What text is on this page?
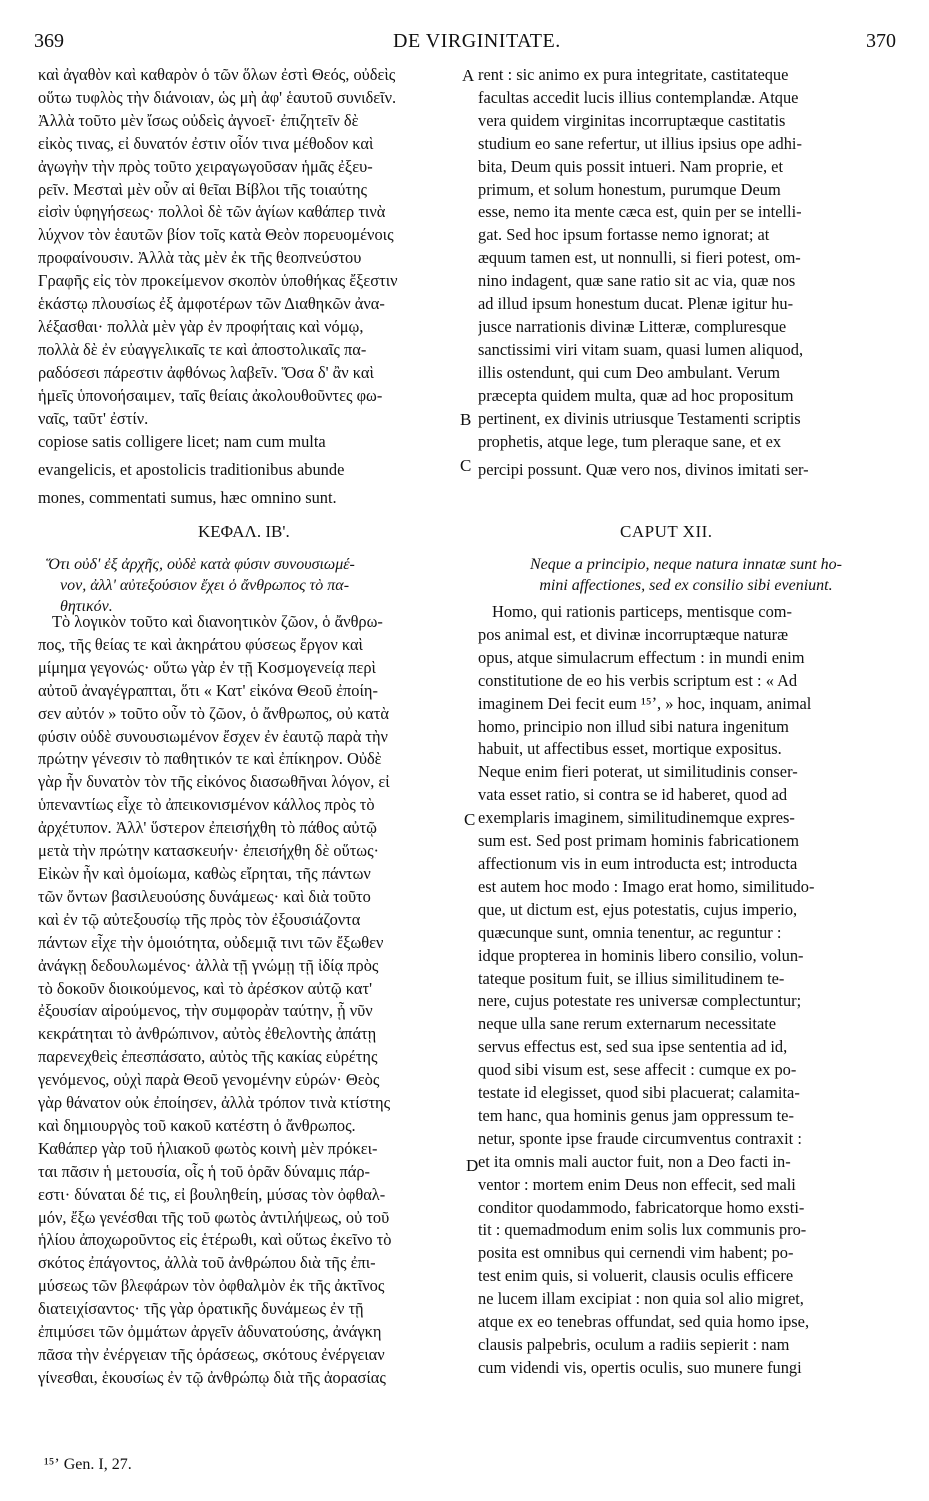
369	DE VIRGINITATE.	370
καὶ ἀγαθὸν καὶ καθαρὸν ὁ τῶν ὅλων ἐστὶ Θεός, οὐδεὶς
οὕτω τυφλὸς τὴν διάνοιαν, ὡς μὴ ἀφ' ἑαυτοῦ συνιδεῖν.
Ἀλλὰ τοῦτο μὲν ἴσως οὐδεὶς ἀγνοεῖ· ἐπιζητεῖν δὲ
εἰκὸς τινας, εἰ δυνατόν ἐστιν οἷόν τινα μέθοδον καὶ
ἀγωγὴν τὴν πρὸς τοῦτο χειραγωγοῦσαν ἡμᾶς ἐξευ-
ρεῖν. Μεσταὶ μὲν οὖν αἱ θεῖαι Βίβλοι τῆς τοιαύτης
εἰσὶν ὑφηγήσεως· πολλοὶ δὲ τῶν ἁγίων καθάπερ τινὰ
λύχνον τὸν ἑαυτῶν βίον τοῖς κατὰ Θεὸν πορευομένοις
προφαίνουσιν. Ἀλλὰ τὰς μὲν ἐκ τῆς θεοπνεύστου
Γραφῆς εἰς τὸν προκείμενον σκοπὸν ὑποθήκας ἔξεστιν
ἑκάστῳ πλουσίως ἐξ ἀμφοτέρων τῶν Διαθηκῶν ἀνα-
λέξασθαι· πολλὰ μὲν γὰρ ἐν προφήταις καὶ νόμῳ,
πολλὰ δὲ ἐν εὐαγγελικαῖς τε καὶ ἀποστολικαῖς πα-
ραδόσεσι πάρεστιν ἀφθόνως λαβεῖν. Ὅσα δ' ἂν καὶ
ἡμεῖς ὑπονοήσαιμεν, ταῖς θείαις ἀκολουθοῦντες φω-
ναῖς, ταῦτ' ἐστίν.
rent : sic animo ex pura integritate, castitateque
facultas accedit lucis illius contemplandæ. Atque
vera quidem virginitas incorruptæque castitatis
studium eo sane refertur, ut illius ipsius ope adhi-
bita, Deum quis possit intueri. Nam proprie, et
primum, et solum honestum, purumque Deum
esse, nemo ita mente cæca est, quin per se intelli-
gat. Sed hoc ipsum fortasse nemo ignorat; at
æquum tamen est, ut nonnulli, si fieri potest, om-
nino indagent, quæ sane ratio sit ac via, quæ nos
ad illud ipsum honestum ducat. Plenæ igitur hu-
jusce narrationis divinæ Litteræ, compluresque
sanctissimi viri vitam suam, quasi lumen aliquod,
illis ostendunt, qui cum Deo ambulant. Verum
præcepta quidem multa, quæ ad hoc propositum
pertinent, ex divinis utriusque Testamenti scriptis
A
B
C
C
D
copiose satis colligere licet; nam cum multa	prophetis, atque lege, tum pleraque sane, et ex
evangelicis, et apostolicis traditionibus abunde	percipi possunt. Quæ vero nos, divinos imitati ser-

mones, commentati sumus, hæc omnino sunt.
ΚΕΦΑΛ. ΙΒ'.	CAPUT XII.
Ὅτι οὐδ' ἐξ ἀρχῆς, οὐδὲ κατὰ φύσιν συνουσιωμέ-
νον, ἀλλ' αὐτεξούσιον ἔχει ὁ ἄνθρωπος τὸ πα-
θητικόν.
Neque a principio, neque natura innatæ sunt ho-
mini affectiones, sed ex consilio sibi eveniunt.
Τὸ λογικὸν τοῦτο καὶ διανοητικὸν ζῶον, ὁ ἄνθρω-
πος, τῆς θείας τε καὶ ἀκηράτου φύσεως ἔργον καὶ
μίμημα γεγονώς· οὕτω γὰρ ἐν τῇ Κοσμογενείᾳ περὶ
αὐτοῦ ἀναγέγραπται, ὅτι « Κατ' εἰκόνα Θεοῦ ἐποίη-
σεν αὐτόν » τοῦτο οὖν τὸ ζῶον, ὁ ἄνθρωπος, οὐ κατὰ
φύσιν οὐδὲ συνουσιωμένον ἔσχεν ἐν ἑαυτῷ παρὰ τὴν
πρώτην γένεσιν τὸ παθητικόν τε καὶ ἐπίκηρον. Οὐδὲ
γὰρ ἦν δυνατὸν τὸν τῆς εἰκόνος διασωθῆναι λόγον, εἰ
ὑπεναντίως εἶχε τὸ ἀπεικονισμένον κάλλος πρὸς τὸ
ἀρχέτυπον. Ἀλλ' ὕστερον ἐπεισήχθη τὸ πάθος αὐτῷ
μετὰ τὴν πρώτην κατασκευήν· ἐπεισήχθη δὲ οὕτως·
Εἰκὼν ἦν καὶ ὁμοίωμα, καθὼς εἴρηται, τῆς πάντων
τῶν ὄντων βασιλευούσης δυνάμεως· καὶ διὰ τοῦτο
καὶ ἐν τῷ αὐτεξουσίῳ τῆς πρὸς τὸν ἐξουσιάζοντα
πάντων εἶχε τὴν ὁμοιότητα, οὐδεμιᾷ τινι τῶν ἔξωθεν
ἀνάγκῃ δεδουλωμένος· ἀλλὰ τῇ γνώμῃ τῇ ἰδίᾳ πρὸς
τὸ δοκοῦν διοικούμενος, καὶ τὸ ἀρέσκον αὐτῷ κατ'
ἐξουσίαν αἱρούμενος, τὴν συμφορὰν ταύτην, ᾗ νῦν
κεκράτηται τὸ ἀνθρώπινον, αὐτὸς ἐθελοντὴς ἀπάτῃ
παρενεχθεὶς ἐπεσπάσατο, αὐτὸς τῆς κακίας εὑρέτης
γενόμενος, οὐχὶ παρὰ Θεοῦ γενομένην εὑρών· Θεὸς
γὰρ θάνατον οὐκ ἐποίησεν, ἀλλὰ τρόπον τινὰ κτίστης
καὶ δημιουργὸς τοῦ κακοῦ κατέστη ὁ ἄνθρωπος.
Καθάπερ γὰρ τοῦ ἡλιακοῦ φωτὸς κοινὴ μὲν πρόκει-
ται πᾶσιν ἡ μετουσία, οἷς ἡ τοῦ ὁρᾶν δύναμις πάρ-
εστι· δύναται δέ τις, εἰ βουληθείη, μύσας τὸν ὀφθαλ-
μόν, ἔξω γενέσθαι τῆς τοῦ φωτὸς ἀντιλήψεως, οὐ τοῦ
ἡλίου ἀποχωροῦντος εἰς ἑτέρωθι, καὶ οὕτως ἐκεῖνο τὸ
σκότος ἐπάγοντος, ἀλλὰ τοῦ ἀνθρώπου διὰ τῆς ἐπι-
μύσεως τῶν βλεφάρων τὸν ὀφθαλμὸν ἐκ τῆς ἀκτῖνος
διατειχίσαντος· τῆς γὰρ ὁρατικῆς δυνάμεως ἐν τῇ
ἐπιμύσει τῶν ὀμμάτων ἀργεῖν ἀδυνατούσης, ἀνάγκη
πᾶσα τὴν ἐνέργειαν τῆς ὁράσεως, σκότους ἐνέργειαν
γίνεσθαι, ἑκουσίως ἐν τῷ ἀνθρώπῳ διὰ τῆς ἀορασίας
Homo, qui rationis particeps, mentisque com-
pos animal est, et divinæ incorruptæque naturæ
opus, atque simulacrum effectum : in mundi enim
constitutione de eo his verbis scriptum est : « Ad
imaginem Dei fecit eum ¹⁵ʼ, » hoc, inquam, animal
homo, principio non illud sibi natura ingenitum
habuit, ut affectibus esset, mortique expositus.
Neque enim fieri poterat, ut similitudinis conser-
vata esset ratio, si contra se id haberet, quod ad
exemplaris imaginem, similitudinemque expres-
sum est. Sed post primam hominis fabricationem
affectionum vis in eum introducta est; introducta
est autem hoc modo : Imago erat homo, similitudo-
que, ut dictum est, ejus potestatis, cujus imperio,
quæcunque sunt, omnia tenentur, ac reguntur :
idque propterea in hominis libero consilio, volun-
tateque positum fuit, se illius similitudinem te-
nere, cujus potestate res universæ complectuntur;
neque ulla sane rerum externarum necessitate
servus effectus est, sed sua ipse sententia ad id,
quod sibi visum est, sese affecit : cumque ex po-
testate id elegisset, quod sibi placuerat; calamita-
tem hanc, qua hominis genus jam oppressum te-
netur, sponte ipse fraude circumventus contraxit :
et ita omnis mali auctor fuit, non a Deo facti in-
ventor : mortem enim Deus non effecit, sed mali
conditor quodammodo, fabricatorque homo exsti-
tit : quemadmodum enim solis lux communis pro-
posita est omnibus qui cernendi vim habent; po-
test enim quis, si voluerit, clausis oculis efficere
ne lucem illam excipiat : non quia sol alio migret,
atque ex eo tenebras offundat, sed quia homo ipse,
clausis palpebris, oculum a radiis sepierit : nam
cum videndi vis, opertis oculis, suo munere fungi
¹⁵ʼ Gen. I, 27.
